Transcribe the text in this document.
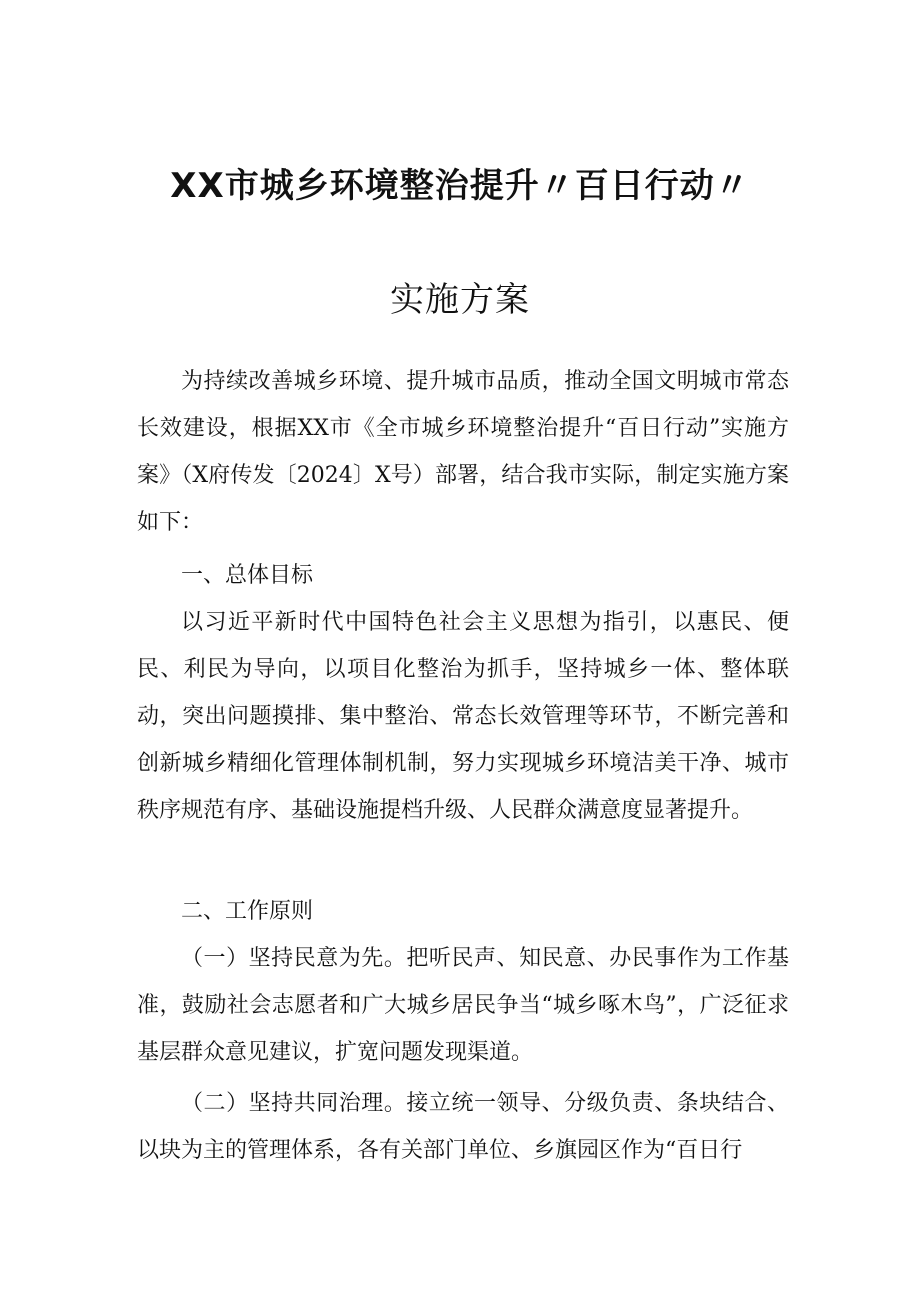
XX市城乡环境整治提升〃百日行动〃
实施方案

为持续改善城乡环境、提升城市品质，推动全国文明城市常态长效建设，根据XX市《全市城乡环境整治提升“百日行动”实施方案》（X府传发〔2024〕X号）部署，结合我市实际，制定实施方案如下：

一、总体目标

以习近平新时代中国特色社会主义思想为指引，以惠民、便民、利民为导向，以项目化整治为抓手，坚持城乡一体、整体联动，突出问题摸排、集中整治、常态长效管理等环节，不断完善和创新城乡精细化管理体制机制，努力实现城乡环境洁美干净、城市秩序规范有序、基础设施提档升级、人民群众满意度显著提升。

二、工作原则

（一）坚持民意为先。把听民声、知民意、办民事作为工作基准，鼓励社会志愿者和广大城乡居民争当“城乡啄木鸟”，广泛征求基层群众意见建议，扩宽问题发现渠道。

（二）坚持共同治理。接立统一领导、分级负责、条块结合、以块为主的管理体系，各有关部门单位、乡旗园区作为“百日行
